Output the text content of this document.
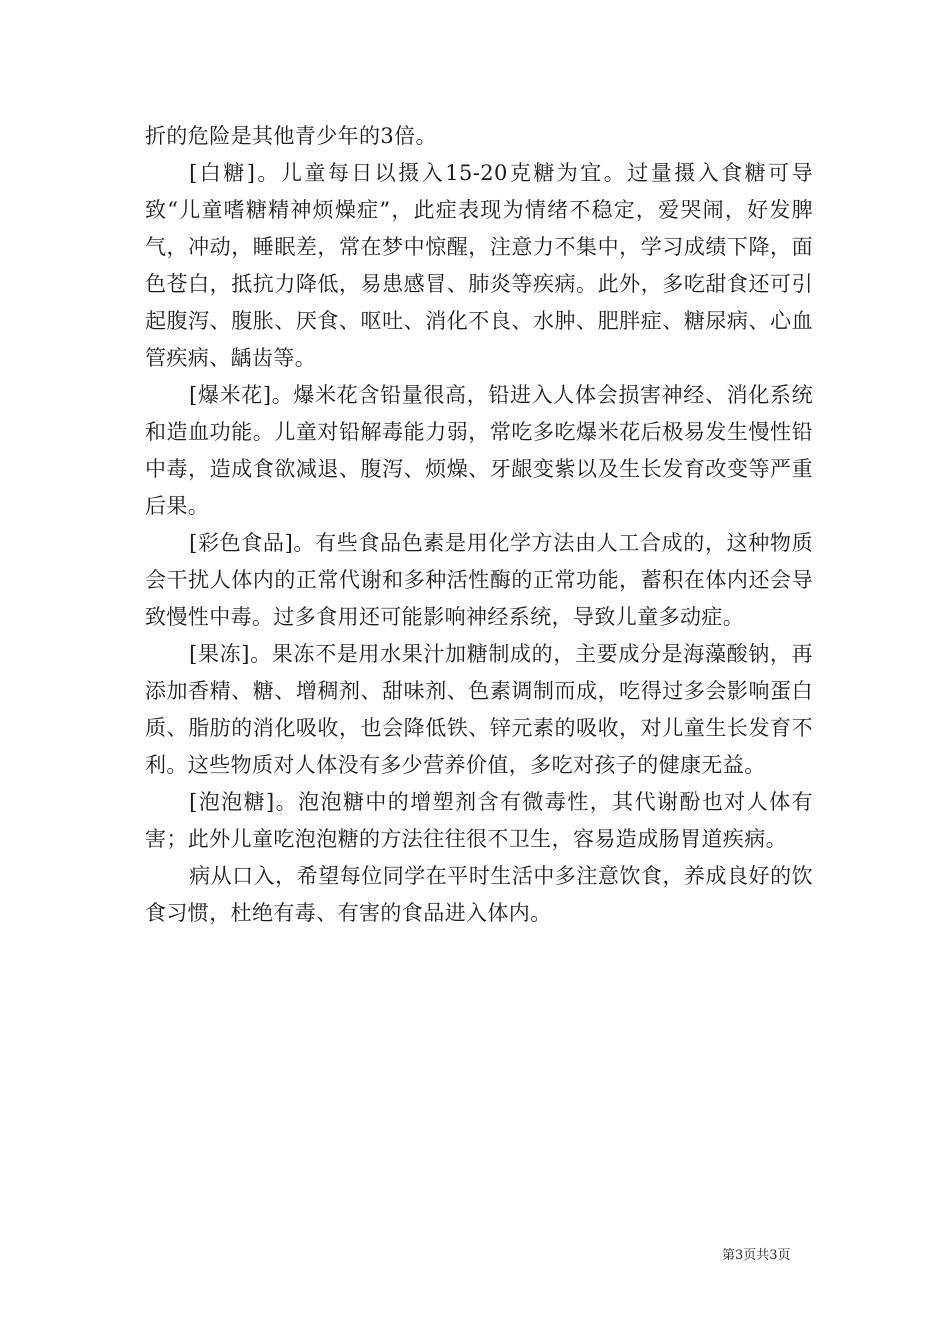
折的危险是其他青少年的3倍。

[白糖]。儿童每日以摄入15-20克糖为宜。过量摄入食糖可导致“儿童嗜糖精神烦燥症”，此症表现为情绪不稳定，爱哭闹，好发脾气，冲动，睡眠差，常在梦中惊醒，注意力不集中，学习成绩下降，面色苍白，抵抗力降低，易患感冒、肺炎等疾病。此外，多吃甜食还可引起腹泻、腹胀、厌食、呕吐、消化不良、水肿、肥胖症、糖尿病、心血管疾病、龋齿等。

[爆米花]。爆米花含铅量很高，铅进入人体会损害神经、消化系统和造血功能。儿童对铅解毒能力弱，常吃多吃爆米花后极易发生慢性铅中毒，造成食欲减退、腹泻、烦燥、牙龈变紫以及生长发育改变等严重后果。

[彩色食品]。有些食品色素是用化学方法由人工合成的，这种物质会干扰人体内的正常代谢和多种活性酶的正常功能，蓄积在体内还会导致慢性中毒。过多食用还可能影响神经系统，导致儿童多动症。

[果冻]。果冻不是用水果汁加糖制成的，主要成分是海藻酸钠，再添加香精、糖、增稠剂、甜味剂、色素调制而成，吃得过多会影响蛋白质、脂肪的消化吸收，也会降低铁、锌元素的吸收，对儿童生长发育不利。这些物质对人体没有多少营养价值，多吃对孩子的健康无益。

[泡泡糖]。泡泡糖中的增塑剂含有微毒性，其代谢酚也对人体有害；此外儿童吃泡泡糖的方法往往很不卫生，容易造成肠胃道疾病。

病从口入，希望每位同学在平时生活中多注意饮食，养成良好的饮食习惯，杜绝有毒、有害的食品进入体内。

第3页共3页
